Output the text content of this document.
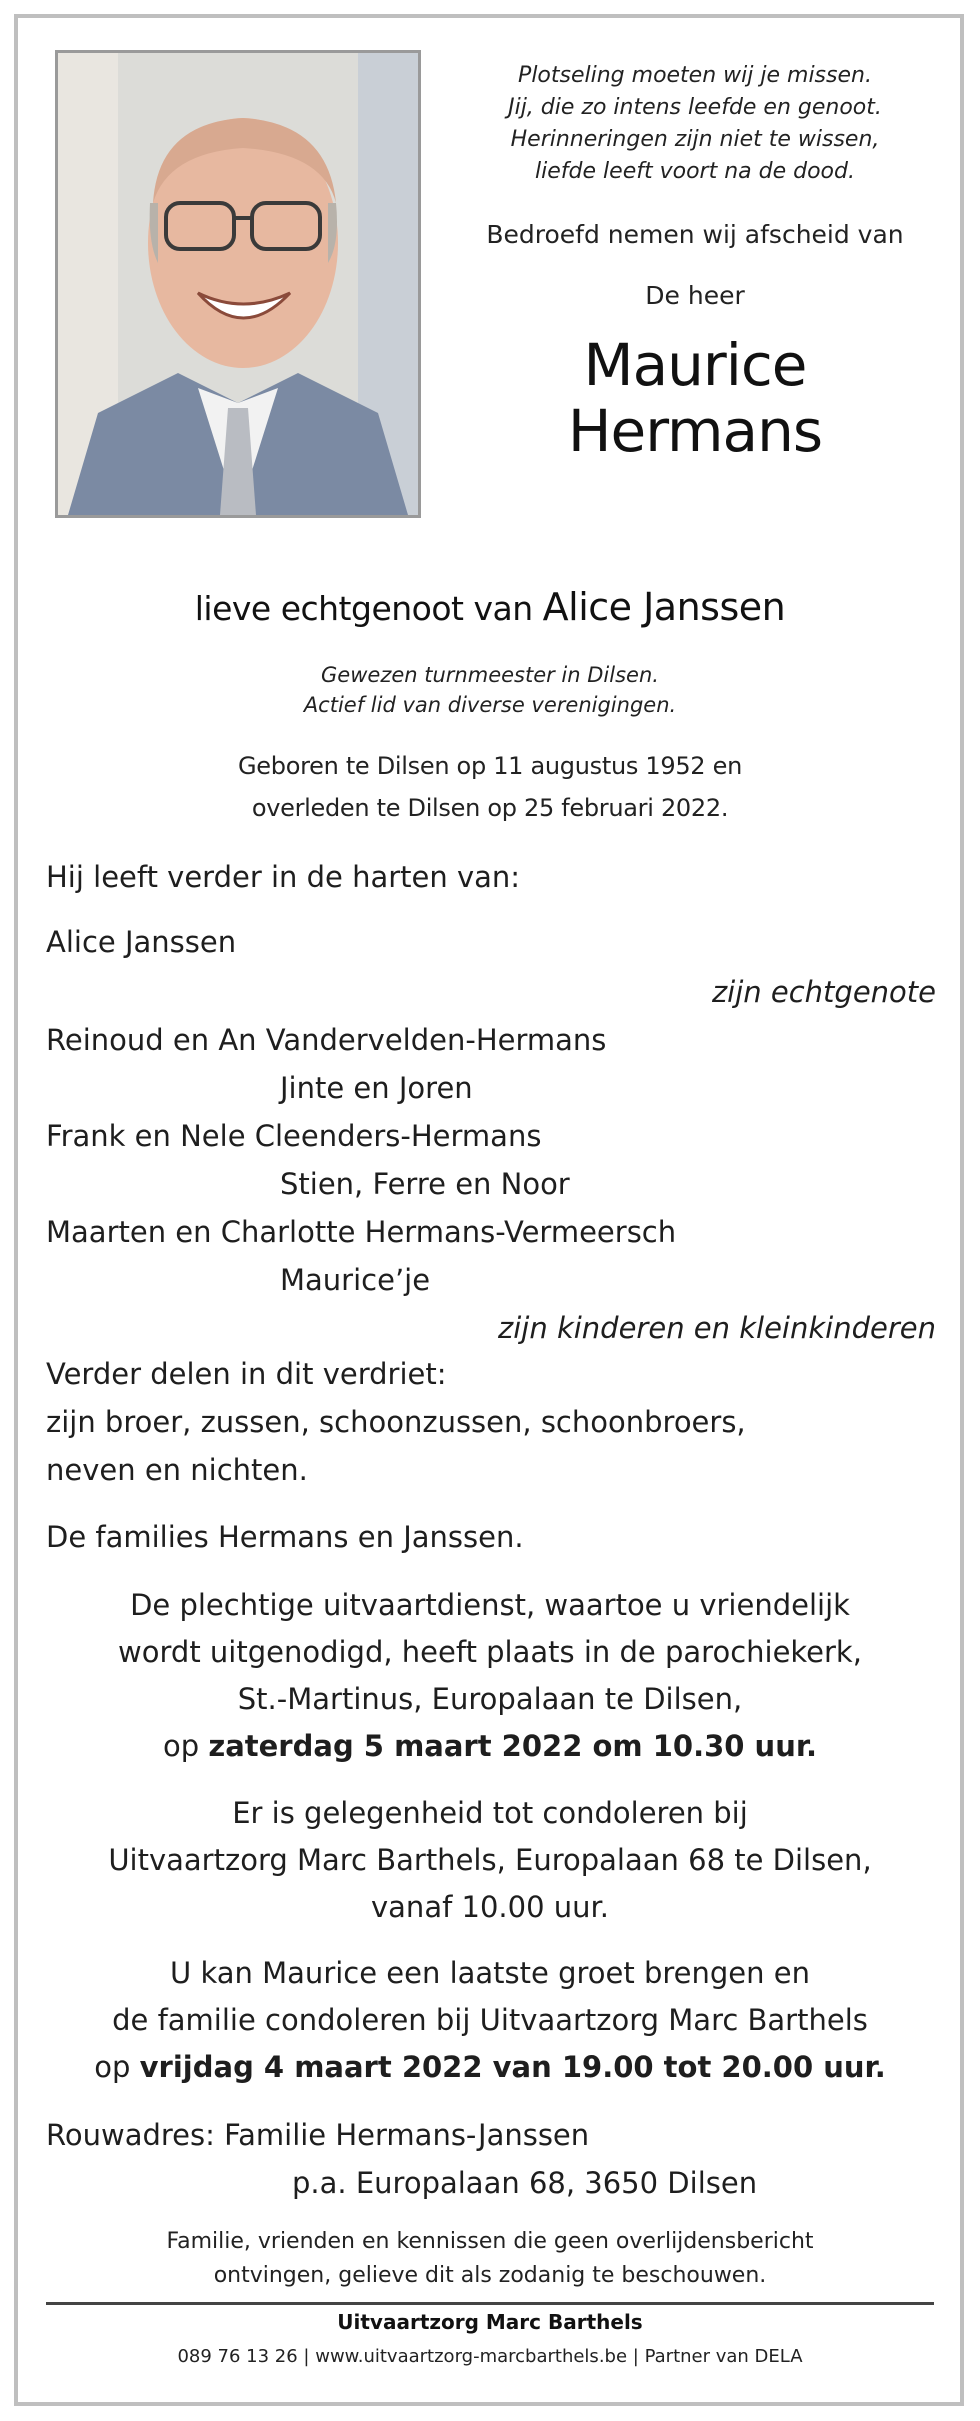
Plotseling moeten wij je missen.
Jij, die zo intens leefde en genoot.
Herinneringen zijn niet te wissen,
liefde leeft voort na de dood.
Bedroefd nemen wij afscheid van
De heer
Maurice
Hermans
lieve echtgenoot van Alice Janssen
Gewezen turnmeester in Dilsen.
Actief lid van diverse verenigingen.
Geboren te Dilsen op 11 augustus 1952 en
overleden te Dilsen op 25 februari 2022.
Hij leeft verder in de harten van:
Alice Janssen
zijn echtgenote
Reinoud en An Vandervelden-Hermans
Jinte en Joren
Frank en Nele Cleenders-Hermans
Stien, Ferre en Noor
Maarten en Charlotte Hermans-Vermeersch
Maurice’je
zijn kinderen en kleinkinderen
Verder delen in dit verdriet:
zijn broer, zussen, schoonzussen, schoonbroers,
neven en nichten.
De families Hermans en Janssen.
De plechtige uitvaartdienst, waartoe u vriendelijk
wordt uitgenodigd, heeft plaats in de parochiekerk,
St.-Martinus, Europalaan te Dilsen,
op zaterdag 5 maart 2022 om 10.30 uur.
Er is gelegenheid tot condoleren bij
Uitvaartzorg Marc Barthels, Europalaan 68 te Dilsen,
vanaf 10.00 uur.
U kan Maurice een laatste groet brengen en
de familie condoleren bij Uitvaartzorg Marc Barthels
op vrijdag 4 maart 2022 van 19.00 tot 20.00 uur.
Rouwadres: Familie Hermans-Janssen
p.a. Europalaan 68, 3650 Dilsen
Familie, vrienden en kennissen die geen overlijdensbericht
ontvingen, gelieve dit als zodanig te beschouwen.
Uitvaartzorg Marc Barthels
089 76 13 26 | www.uitvaartzorg-marcbarthels.be | Partner van DELA
